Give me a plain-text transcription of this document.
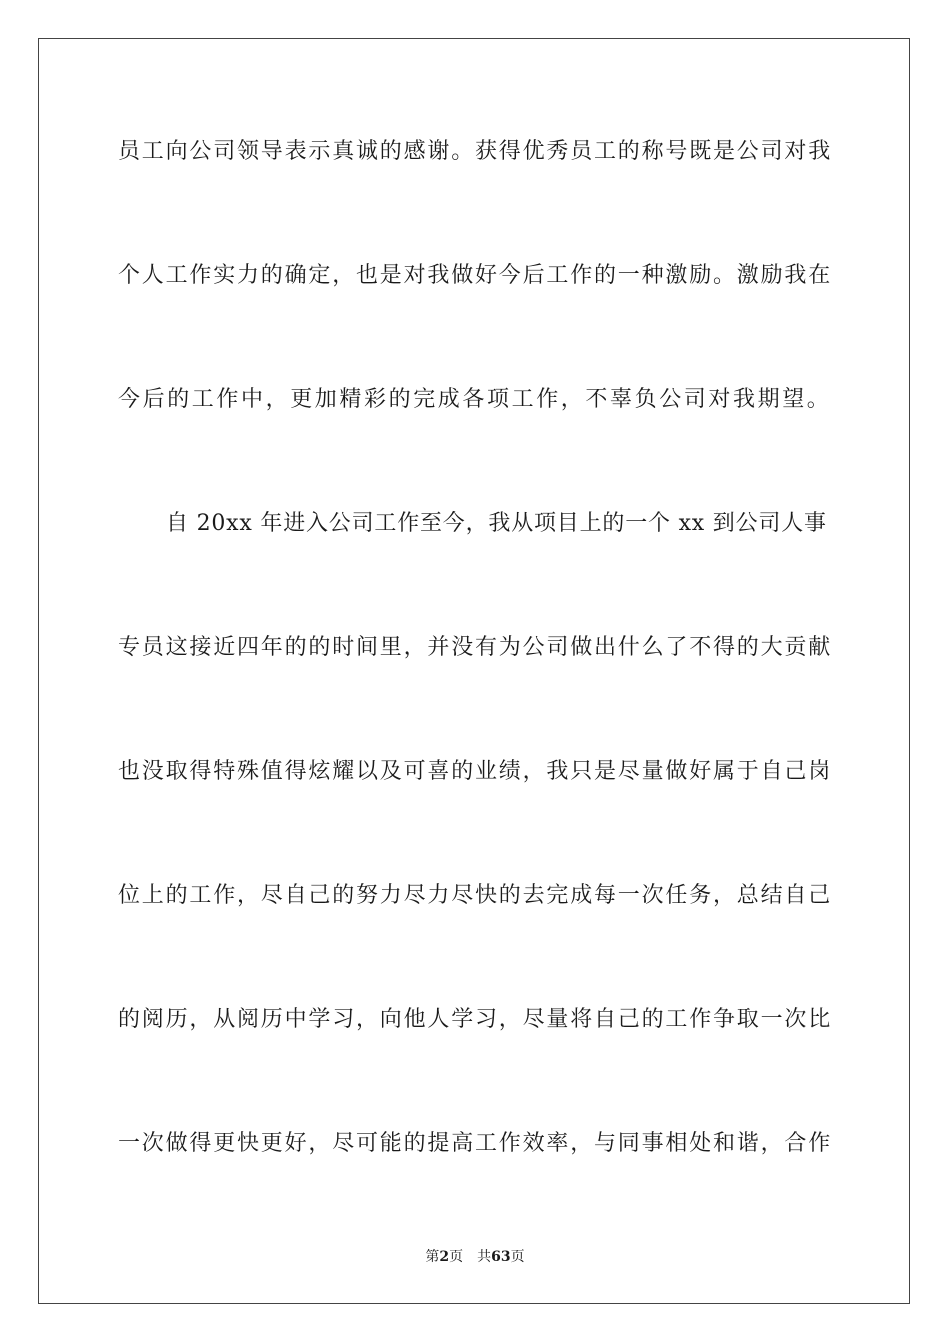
员工向公司领导表示真诚的感谢。获得优秀员工的称号既是公司对我
个人工作实力的确定，也是对我做好今后工作的一种激励。激励我在
今后的工作中，更加精彩的完成各项工作，不辜负公司对我期望。
自 20xx 年进入公司工作至今，我从项目上的一个 xx 到公司人事
专员这接近四年的的时间里，并没有为公司做出什么了不得的大贡献
也没取得特殊值得炫耀以及可喜的业绩，我只是尽量做好属于自己岗
位上的工作，尽自己的努力尽力尽快的去完成每一次任务，总结自己
的阅历，从阅历中学习，向他人学习，尽量将自己的工作争取一次比
一次做得更快更好，尽可能的提高工作效率，与同事相处和谐，合作
第2页 共63页
